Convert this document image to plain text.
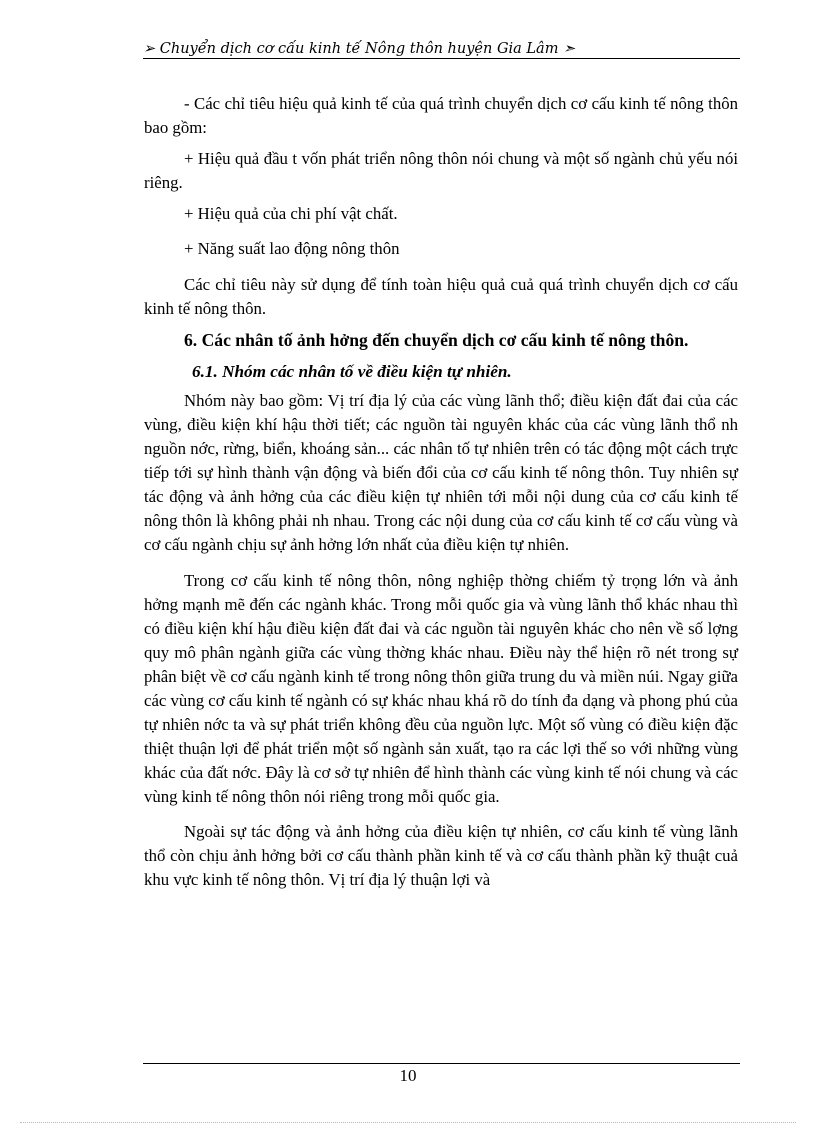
➢ Chuyển dịch cơ cấu kinh tế Nông thôn huyện Gia Lâm ➣

- Các chỉ tiêu hiệu quả kinh tế của quá trình chuyển dịch cơ cấu kinh tế nông thôn bao gồm:

+ Hiệu quả đầu t vốn phát triển nông thôn nói chung và một số ngành chủ yếu nói riêng.

+ Hiệu quả của chi phí vật chất.

+ Năng suất lao động nông thôn

Các chỉ tiêu này sử dụng để tính toàn hiệu quả cuả quá trình chuyển dịch cơ cấu kinh tế nông thôn.

6. Các nhân tố ảnh hởng đến chuyển dịch cơ cấu kinh tế nông thôn.

6.1. Nhóm các nhân tố về điều kiện tự nhiên.

Nhóm này bao gồm: Vị trí địa lý của các vùng lãnh thổ; điều kiện đất đai của các vùng, điều kiện khí hậu thời tiết; các nguồn tài nguyên khác của các vùng lãnh thổ nh nguồn nớc, rừng, biển, khoáng sản... các nhân tố tự nhiên trên có tác động một cách trực tiếp tới sự hình thành vận động và biến đổi của cơ cấu kinh tế nông thôn. Tuy nhiên sự tác động và ảnh hởng của các điều kiện tự nhiên tới mỗi nội dung của cơ cấu kinh tế nông thôn là không phải nh nhau. Trong các nội dung của cơ cấu kinh tế cơ cấu vùng và cơ cấu ngành chịu sự ảnh hởng lớn nhất của điều kiện tự nhiên.

Trong cơ cấu kinh tế nông thôn, nông nghiệp thờng chiếm tỷ trọng lớn và ảnh hởng mạnh mẽ đến các ngành khác. Trong mỗi quốc gia và vùng lãnh thổ khác nhau thì có điều kiện khí hậu điều kiện đất đai và các nguồn tài nguyên khác cho nên về số lợng quy mô phân ngành giữa các vùng thờng khác nhau. Điều này thể hiện rõ nét trong sự phân biệt về cơ cấu ngành kinh tế trong nông thôn giữa trung du và miền núi. Ngay giữa các vùng cơ cấu kinh tế ngành có sự khác nhau khá rõ do tính đa dạng và phong phú của tự nhiên nớc ta và sự phát triển không đều của nguồn lực. Một số vùng có điều kiện đặc thiệt thuận lợi để phát triển một số ngành sản xuất, tạo ra các lợi thế so với những vùng khác của đất nớc. Đây là cơ sở tự nhiên để hình thành các vùng kinh tế nói chung và các vùng kinh tế nông thôn nói riêng trong mỗi quốc gia.

Ngoài sự tác động và ảnh hởng của điều kiện tự nhiên, cơ cấu kinh tế vùng lãnh thổ còn chịu ảnh hởng bởi cơ cấu thành phần kinh tế và cơ cấu thành phần kỹ thuật cuả khu vực kinh tế nông thôn. Vị trí địa lý thuận lợi và

10
